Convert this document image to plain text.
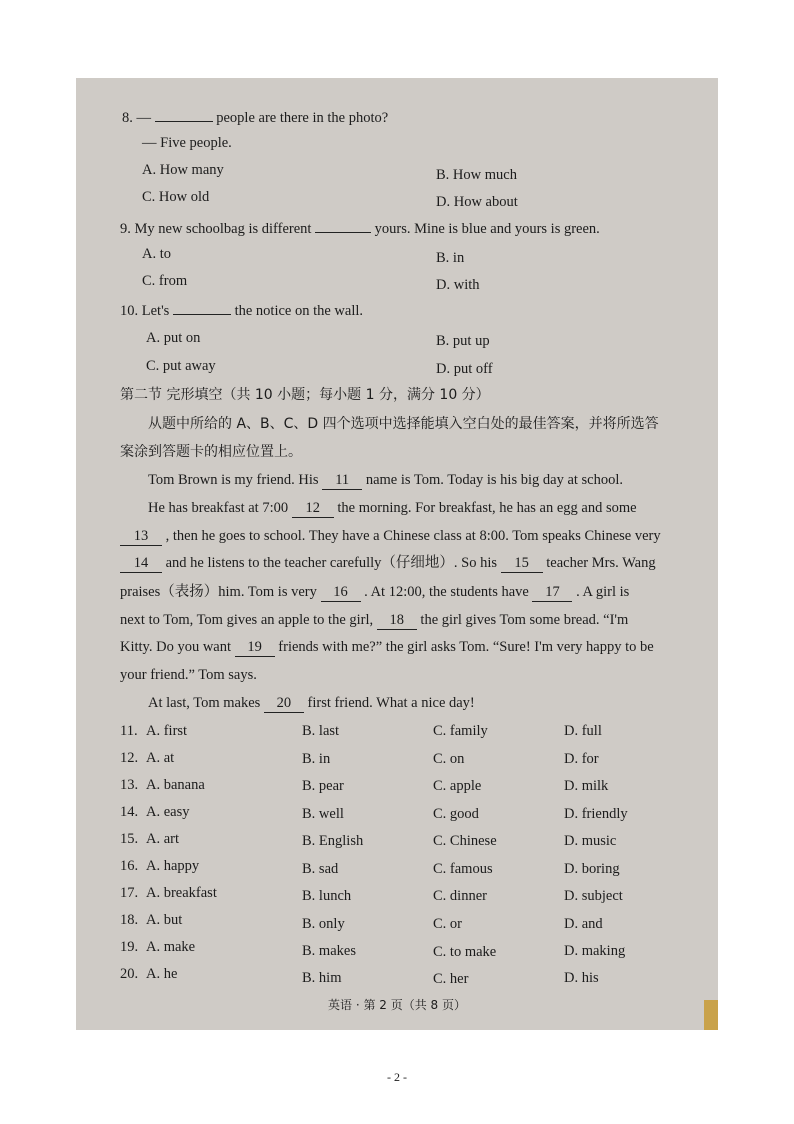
8. —	people are there in the photo?
— Five people.
A. How many	B. How much
C. How old	D. How about
9. My new schoolbag is different	yours. Mine is blue and yours is green.
A. to	B. in
C. from	D. with
10. Let's	the notice on the wall.
A. put on	B. put up
C. put away	D. put off
第二节 完形填空（共 10 小题；每小题 1 分，满分 10 分）
从题中所给的 A、B、C、D 四个选项中选择能填入空白处的最佳答案，并将所选答
案涂到答题卡的相应位置上。
Tom Brown is my friend. His 11 name is Tom. Today is his big day at school.
He has breakfast at 7:00 12 the morning. For breakfast, he has an egg and some
13 , then he goes to school. They have a Chinese class at 8:00. Tom speaks Chinese very
14 and he listens to the teacher carefully（仔细地）. So his 15 teacher Mrs. Wang
praises（表扬）him. Tom is very 16 . At 12:00, the students have 17 . A girl is
next to Tom, Tom gives an apple to the girl, 18 the girl gives Tom some bread. “I'm
Kitty. Do you want 19 friends with me?” the girl asks Tom. “Sure! I'm very happy to be
your friend.” Tom says.
At last, Tom makes 20 first friend. What a nice day!
11. A. first	B. last	C. family	D. full
12. A. at	B. in	C. on	D. for
13. A. banana	B. pear	C. apple	D. milk
14. A. easy	B. well	C. good	D. friendly
15. A. art	B. English	C. Chinese	D. music
16. A. happy	B. sad	C. famous	D. boring
17. A. breakfast	B. lunch	C. dinner	D. subject
18. A. but	B. only	C. or	D. and
19. A. make	B. makes	C. to make	D. making
20. A. he	B. him	C. her	D. his
英语 · 第 2 页（共 8 页）
- 2 -
